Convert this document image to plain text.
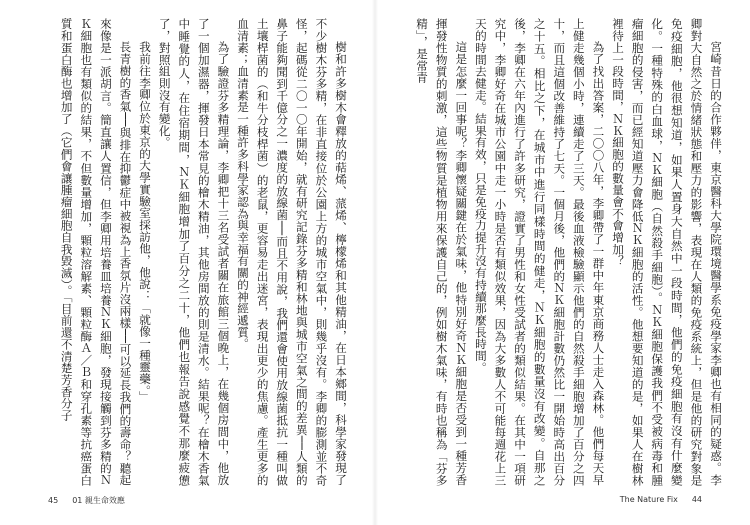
樹和許多樹木會釋放的萜烯、蒎烯、檸檬烯和其他精油，在日本鄉間，科學家發現了不少樹木芬多精，在非直接位於公園上方的城市空氣中，則幾乎沒有。李卿的膨測並不奇怪，起碼從二〇一〇年開始，就有研究記錄芬多精和林地與城市空氣之間的差異──人類的鼻子能夠聞到千億分之一濃度的放線菌──而且不用說，我們還會使用放線菌抵抗一種叫做土壤桿菌的（和牛分枝桿菌）的老鼠，更容易走出迷宮，表現出更少的焦慮。產生更多的血清素；血清素是一種許多科學家認為與幸福有關的神經遞質。

為了驗證芬多精理論，李卿把十三名受試者關在旅館三個晚上，在幾個房間中，他放了一個加濕器，揮發日本常見的檜木精油，其他房間放的則是清水。結果呢？在檜木香氣中睡覺的人，在住宿期間，ＮＫ細胞增加了百分之二十，他們也報告說感覺不那麼疲憊了，對照組則沒有變化。

我前往李卿位於東京的大學實驗室採訪他，他說：「就像一種靈藥。」

長青樹的香氣──與排在抑鬱症中被視為上香氛片沒兩樣──可以延長我們的壽命？聽起來像是一派胡言。簡直讓人置信，但李卿用培養皿培養ＮＫ細胞，發現接觸到芬多精的ＮＫ細胞也有類似的結果，不但數量增加，顆粒溶解素、顆粒酶Ａ／Ｂ和穿孔素等抗癌蛋白質和蛋白酶也增加了（它們會讓腫瘤細胞自我毀滅）。「目前還不清楚芳香分子

45 01 親生命效應

宮崎昔日的合作夥伴，東京醫科大學院環境醫學系免疫學家李卿也有相同的疑惑。李卿對大自然之於情緒狀態和壓力的影響，表現在人類的免疫系統上，但是他的研究對象是免疫細胞，他很想知道，如果人置身大自然中一段時間，他們的免疫細胞有沒有什麼變化。一種特殊的白血球，ＮＫ細胞（自然殺手細胞）。ＮＫ細胞保護我們不受被病毒和腫瘤細胞的侵害，而已經知道壓力會降低ＮＫ細胞的活性。他想要知道的是，如果人在樹林裡待上一段時間，ＮＫ細胞的數量會不會增加？

為了找出答案，二〇〇八年，李卿帶了一群中年東京商務人士走入森林。他們每天早上健走幾個小時，連續走了三天。最後血液檢驗顯示他們的自然殺手細胞增加了百分之四十，而且這個改善維持了七天。一個月後，他們的ＮＫ細胞計數仍然比一開始時高出百分之十五。相比之下，在城市中進行同樣時間的健走，ＮＫ細胞的數量沒有改變。自那之後，李卿在六年內進行了許多研究，證實了男性和女性受試者的類似結果。在其中一項研究中，李卿好奇在城市公園中走一小時是否有類似效果，因為大多數人不可能每週花上三天的時間去健走。結果有效，只是免疫力提升沒有持續那麼長時間。

這是怎麼一回事呢？李卿懷疑關鍵在於氣味，他特別好奇ＮＫ細胞是否受到一種芳香揮發性物質的刺激，這些物質是植物用來保護自己的，例如樹木氣味，有時也稱為「芬多精」，是常青

The Nature Fix 44
